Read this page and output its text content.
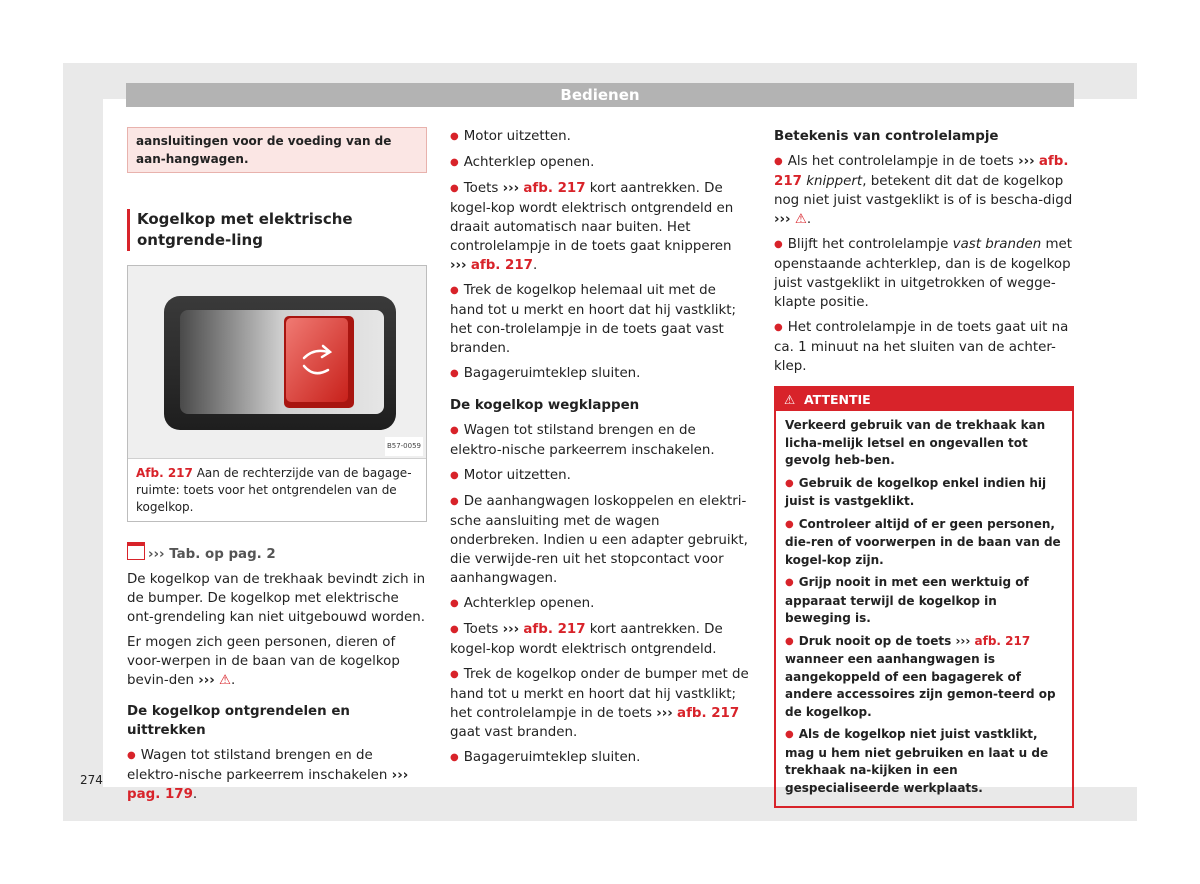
Bedienen
aansluitingen voor de voeding van de aan-hangwagen.
Kogelkop met elektrische ontgrende-ling
B57-0059
Afb. 217 Aan de rechterzijde van de bagage-ruimte: toets voor het ontgrendelen van de kogelkop.
››› Tab. op pag. 2

De kogelkop van de trekhaak bevindt zich in de bumper. De kogelkop met elektrische ont-grendeling kan niet uitgebouwd worden.

Er mogen zich geen personen, dieren of voor-werpen in de baan van de kogelkop bevin-den ››› ⚠.

De kogelkop ontgrendelen en uittrekken

● Wagen tot stilstand brengen en de elektro-nische parkeerrem inschakelen ››› pag. 179.

● Motor uitzetten.

● Achterklep openen.

● Toets ››› afb. 217 kort aantrekken. De kogel-kop wordt elektrisch ontgrendeld en draait automatisch naar buiten. Het controlelampje in de toets gaat knipperen ››› afb. 217.

● Trek de kogelkop helemaal uit met de hand tot u merkt en hoort dat hij vastklikt; het con-trolelampje in de toets gaat vast branden.

● Bagageruimteklep sluiten.

De kogelkop wegklappen

● Wagen tot stilstand brengen en de elektro-nische parkeerrem inschakelen.

● Motor uitzetten.

● De aanhangwagen loskoppelen en elektri-sche aansluiting met de wagen onderbreken. Indien u een adapter gebruikt, die verwijde-ren uit het stopcontact voor aanhangwagen.

● Achterklep openen.

● Toets ››› afb. 217 kort aantrekken. De kogel-kop wordt elektrisch ontgrendeld.

● Trek de kogelkop onder de bumper met de hand tot u merkt en hoort dat hij vastklikt; het controlelampje in de toets ››› afb. 217 gaat vast branden.

● Bagageruimteklep sluiten.

Betekenis van controlelampje

● Als het controlelampje in de toets ››› afb. 217 knippert, betekent dit dat de kogelkop nog niet juist vastgeklikt is of is bescha-digd ››› ⚠.

● Blijft het controlelampje vast branden met openstaande achterklep, dan is de kogelkop juist vastgeklikt in uitgetrokken of wegge-klapte positie.

● Het controlelampje in de toets gaat uit na ca. 1 minuut na het sluiten van de achter-klep.

⚠ ATTENTIE

Verkeerd gebruik van de trekhaak kan licha-melijk letsel en ongevallen tot gevolg heb-ben.

● Gebruik de kogelkop enkel indien hij juist is vastgeklikt.

● Controleer altijd of er geen personen, die-ren of voorwerpen in de baan van de kogel-kop zijn.

● Grijp nooit in met een werktuig of apparaat terwijl de kogelkop in beweging is.

● Druk nooit op de toets ››› afb. 217 wanneer een aanhangwagen is aangekoppeld of een bagagerek of andere accessoires zijn gemon-teerd op de kogelkop.

● Als de kogelkop niet juist vastklikt, mag u hem niet gebruiken en laat u de trekhaak na-kijken in een gespecialiseerde werkplaats.

274
